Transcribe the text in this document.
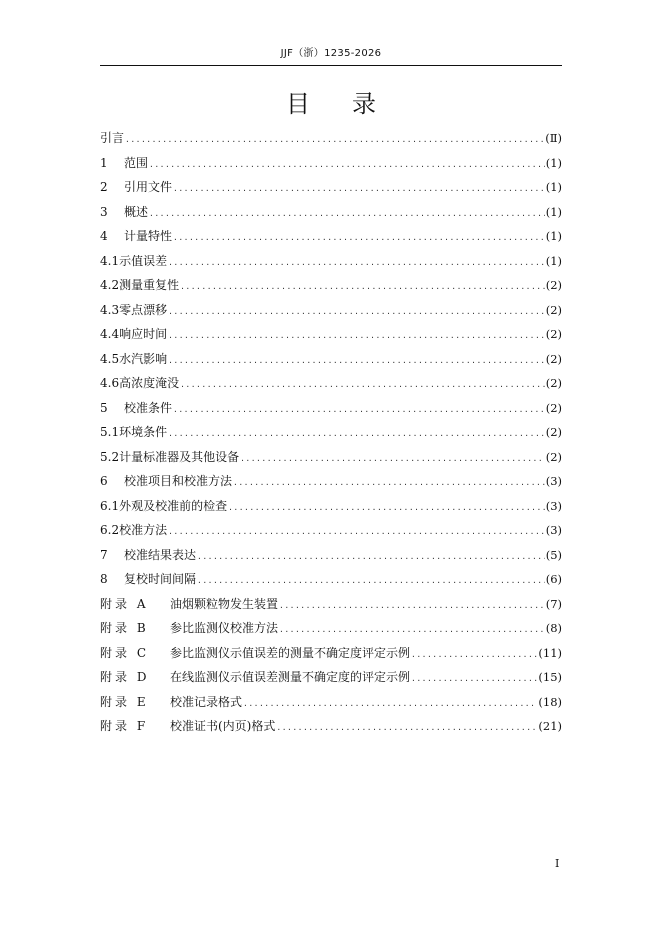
JJF（浙）1235-2026
目录
引言 .....	(Ⅱ)
1 范围 .....	(1)
2 引用文件 .....	(1)
3 概述 .....	(1)
4 计量特性 .....	(1)
4.1示值误差 .....	(1)
4.2测量重复性 .....	(2)
4.3零点漂移 .....	(2)
4.4响应时间 .....	(2)
4.5水汽影响 .....	(2)
4.6高浓度淹没 .....	(2)
5 校准条件 .....	(2)
5.1环境条件 .....	(2)
5.2计量标准器及其他设备 .....	(2)
6 校准项目和校准方法 .....	(3)
6.1外观及校准前的检查 .....	(3)
6.2校准方法 .....	(3)
7 校准结果表达 .....	(5)
8 复校时间间隔 .....	(6)
附录 A 油烟颗粒物发生装置 .....	(7)
附录 B 参比监测仪校准方法 .....	(8)
附录 C 参比监测仪示值误差的测量不确定度评定示例 .....	(11)
附录 D 在线监测仪示值误差测量不确定度的评定示例 .....	(15)
附录 E 校准记录格式 .....	(18)
附录 F 校准证书(内页)格式 .....	(21)
I
